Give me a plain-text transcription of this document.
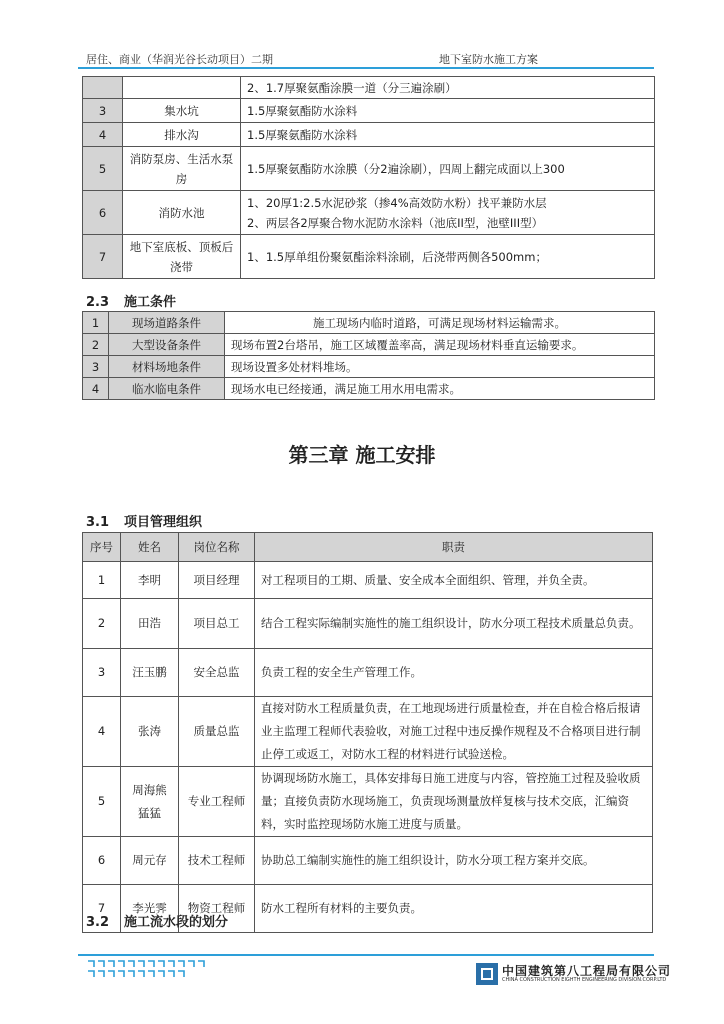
居住、商业（华润光谷长动项目）二期	地下室防水施工方案
		2、1.7厚聚氨酯涂膜一道（分三遍涂刷）
3	集水坑	1.5厚聚氨酯防水涂料
4	排水沟	1.5厚聚氨酯防水涂料
5	消防泵房、生活水泵房	1.5厚聚氨酯防水涂膜（分2遍涂刷），四周上翻完成面以上300
6	消防水池	1、20厚1:2.5水泥砂浆（掺4%高效防水粉）找平兼防水层
2、两层各2厚聚合物水泥防水涂料（池底II型，池壁III型）

7	地下室底板、顶板后浇带	1、1.5厚单组份聚氨酯涂料涂刷，后浇带两侧各500mm；
2.3 施工条件
1	现场道路条件	施工现场内临时道路，可满足现场材料运输需求。
2	大型设备条件	现场布置2台塔吊，施工区域覆盖率高，满足现场材料垂直运输要求。
3	材料场地条件	现场设置多处材料堆场。
4	临水临电条件	现场水电已经接通，满足施工用水用电需求。
第三章 施工安排
3.1 项目管理组织
序号	姓名	岗位名称	职责
1	李明	项目经理	对工程项目的工期、质量、安全成本全面组织、管理，并负全责。
2	田浩	项目总工	结合工程实际编制实施性的施工组织设计，防水分项工程技术质量总负责。
3	汪玉鹏	安全总监	负责工程的安全生产管理工作。
4	张涛	质量总监	直接对防水工程质量负责，在工地现场进行质量检查，并在自检合格后报请业主监理工程师代表验收，对施工过程中违反操作规程及不合格项目进行制止停工或返工，对防水工程的材料进行试验送检。
5	周海熊猛猛	专业工程师	协调现场防水施工，具体安排每日施工进度与内容，管控施工过程及验收质量；直接负责防水现场施工，负责现场测量放样复核与技术交底，汇编资料，实时监控现场防水施工进度与质量。
6	周元存	技术工程师	协助总工编制实施性的施工组织设计，防水分项工程方案并交底。
7	李光霁	物资工程师	防水工程所有材料的主要负责。
3.2 施工流水段的划分
中国建筑第八工程局有限公司
CHINA CONSTRUCTION EIGHTH ENGINEERING DIVISION.CORP.LTD
